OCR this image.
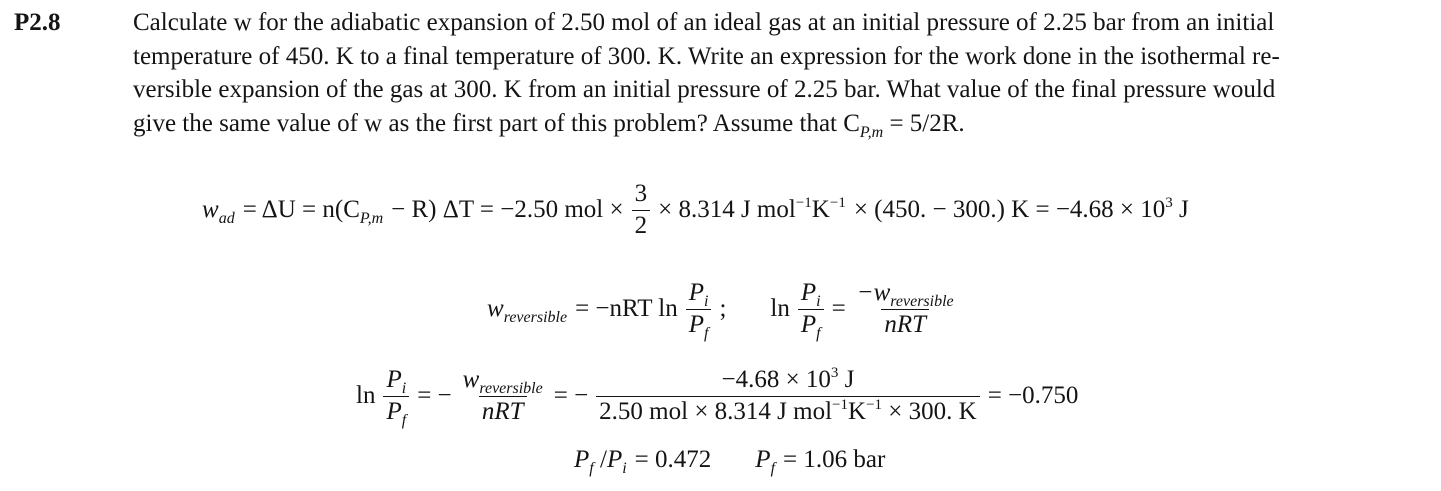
P2.8	Calculate w for the adiabatic expansion of 2.50 mol of an ideal gas at an initial pressure of 2.25 bar from an initial
temperature of 450. K to a final temperature of 300. K. Write an expression for the work done in the isothermal re-
versible expansion of the gas at 300. K from an initial pressure of 2.25 bar. What value of the final pressure would
give the same value of w as the first part of this problem? Assume that $C_{P,m} = 5/2R$.
$w_{ad} = \Delta U = n(C_{P,m} - R) \Delta T = -2.50$ mol × $\frac{3}{2} \times 8.314$ J $mol^{-1}K^{-1} \times (450$. − 300.) $K = -4.68 \times 10^3$ J
$w_{reversible} = -nRT$ $\ln \frac{P_i}{P_f}$ ; $\ln \frac{P_i}{P_f} = \frac{-w_{reversible}}{\text{nRT}}$
$\ln \frac{P_i}{P_f}$ = − $\frac{w_{reversible}}{\text{nRT}}$ = − $\frac{-4.68 \times 10^3 J}{2.50 mol \times 8.314 J mol^{-1}K^{-1} \times 300. K} = -0.750$
$P_f$ $/P_i = 0.472$ $P_f = 1.06$ bar
